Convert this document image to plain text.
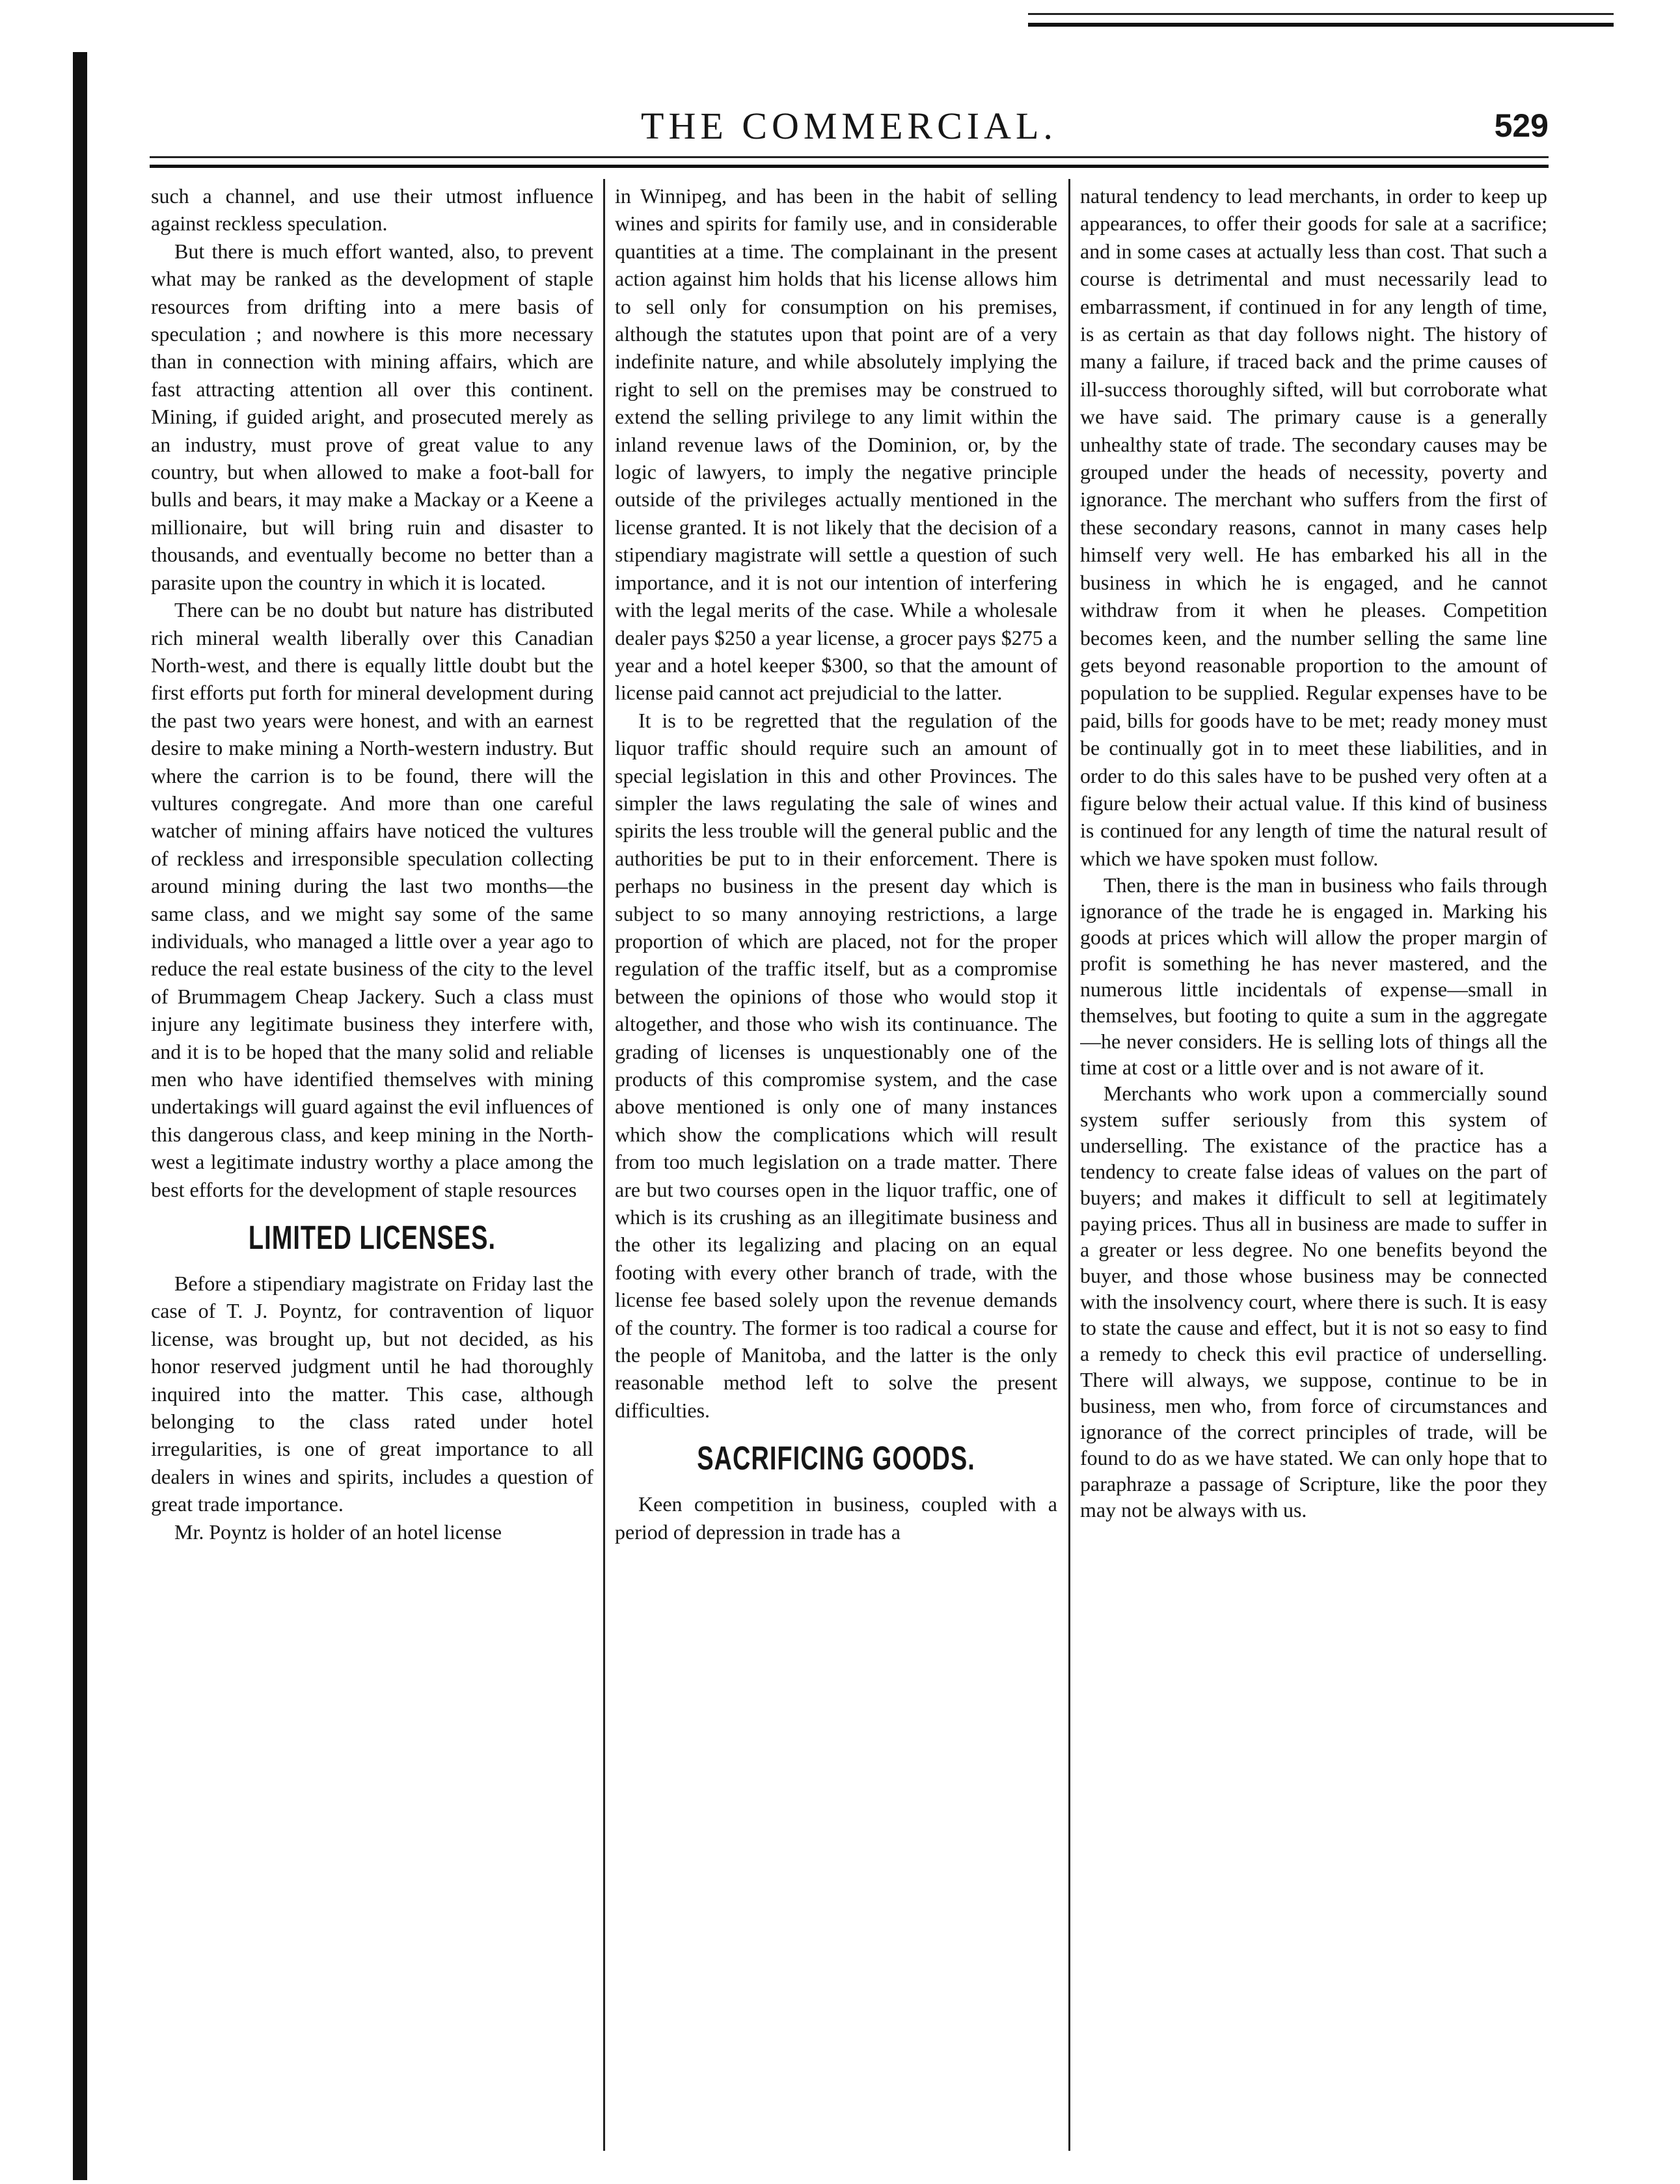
THE COMMERCIAL.	529

such a channel, and use their utmost influence against reckless speculation.

But there is much effort wanted, also, to prevent what may be ranked as the development of staple resources from drifting into a mere basis of speculation ; and nowhere is this more necessary than in connection with mining affairs, which are fast attracting attention all over this continent. Mining, if guided aright, and prosecuted merely as an industry, must prove of great value to any country, but when allowed to make a foot-ball for bulls and bears, it may make a Mackay or a Keene a millionaire, but will bring ruin and disaster to thousands, and eventually become no better than a parasite upon the country in which it is located.

There can be no doubt but nature has distributed rich mineral wealth liberally over this Canadian North-west, and there is equally little doubt but the first efforts put forth for mineral development during the past two years were honest, and with an earnest desire to make mining a North-western industry. But where the carrion is to be found, there will the vultures congregate. And more than one careful watcher of mining affairs have noticed the vultures of reckless and irresponsible speculation collecting around mining during the last two months—the same class, and we might say some of the same individuals, who managed a little over a year ago to reduce the real estate business of the city to the level of Brummagem Cheap Jackery. Such a class must injure any legitimate business they interfere with, and it is to be hoped that the many solid and reliable men who have identified themselves with mining undertakings will guard against the evil influences of this dangerous class, and keep mining in the North-west a legitimate industry worthy a place among the best efforts for the development of staple resources

LIMITED LICENSES.

Before a stipendiary magistrate on Friday last the case of T. J. Poyntz, for contravention of liquor license, was brought up, but not decided, as his honor reserved judgment until he had thoroughly inquired into the matter. This case, although belonging to the class rated under hotel irregularities, is one of great importance to all dealers in wines and spirits, includes a question of great trade importance.

Mr. Poyntz is holder of an hotel license

in Winnipeg, and has been in the habit of selling wines and spirits for family use, and in considerable quantities at a time. The complainant in the present action against him holds that his license allows him to sell only for consumption on his premises, although the statutes upon that point are of a very indefinite nature, and while absolutely implying the right to sell on the premises may be construed to extend the selling privilege to any limit within the inland revenue laws of the Dominion, or, by the logic of lawyers, to imply the negative principle outside of the privileges actually mentioned in the license granted. It is not likely that the decision of a stipendiary magistrate will settle a question of such importance, and it is not our intention of interfering with the legal merits of the case. While a wholesale dealer pays $250 a year license, a grocer pays $275 a year and a hotel keeper $300, so that the amount of license paid cannot act prejudicial to the latter.

It is to be regretted that the regulation of the liquor traffic should require such an amount of special legislation in this and other Provinces. The simpler the laws regulating the sale of wines and spirits the less trouble will the general public and the authorities be put to in their enforcement. There is perhaps no business in the present day which is subject to so many annoying restrictions, a large proportion of which are placed, not for the proper regulation of the traffic itself, but as a compromise between the opinions of those who would stop it altogether, and those who wish its continuance. The grading of licenses is unquestionably one of the products of this compromise system, and the case above mentioned is only one of many instances which show the complications which will result from too much legislation on a trade matter. There are but two courses open in the liquor traffic, one of which is its crushing as an illegitimate business and the other its legalizing and placing on an equal footing with every other branch of trade, with the license fee based solely upon the revenue demands of the country. The former is too radical a course for the people of Manitoba, and the latter is the only reasonable method left to solve the present difficulties.

SACRIFICING GOODS.

Keen competition in business, coupled with a period of depression in trade has a

natural tendency to lead merchants, in order to keep up appearances, to offer their goods for sale at a sacrifice; and in some cases at actually less than cost. That such a course is detrimental and must necessarily lead to embarrassment, if continued in for any length of time, is as certain as that day follows night. The history of many a failure, if traced back and the prime causes of ill-success thoroughly sifted, will but corroborate what we have said. The primary cause is a generally unhealthy state of trade. The secondary causes may be grouped under the heads of necessity, poverty and ignorance. The merchant who suffers from the first of these secondary reasons, cannot in many cases help himself very well. He has embarked his all in the business in which he is engaged, and he cannot withdraw from it when he pleases. Competition becomes keen, and the number selling the same line gets beyond reasonable proportion to the amount of population to be supplied. Regular expenses have to be paid, bills for goods have to be met; ready money must be continually got in to meet these liabilities, and in order to do this sales have to be pushed very often at a figure below their actual value. If this kind of business is continued for any length of time the natural result of which we have spoken must follow.

Then, there is the man in business who fails through ignorance of the trade he is engaged in. Marking his goods at prices which will allow the proper margin of profit is something he has never mastered, and the numerous little incidentals of expense—small in themselves, but footing to quite a sum in the aggregate—he never considers. He is selling lots of things all the time at cost or a little over and is not aware of it.

Merchants who work upon a commercially sound system suffer seriously from this system of underselling. The existance of the practice has a tendency to create false ideas of values on the part of buyers; and makes it difficult to sell at legitimately paying prices. Thus all in business are made to suffer in a greater or less degree. No one benefits beyond the buyer, and those whose business may be connected with the insolvency court, where there is such. It is easy to state the cause and effect, but it is not so easy to find a remedy to check this evil practice of underselling. There will always, we suppose, continue to be in business, men who, from force of circumstances and ignorance of the correct principles of trade, will be found to do as we have stated. We can only hope that to paraphraze a passage of Scripture, like the poor they may not be always with us.
